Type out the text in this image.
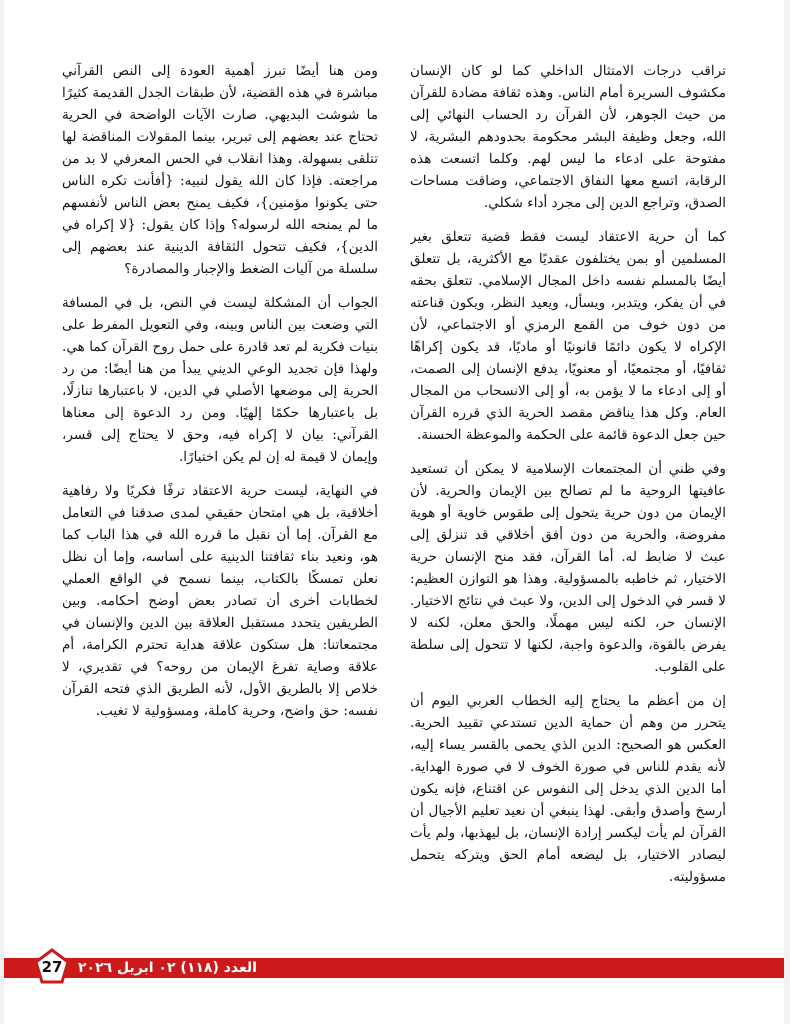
تراقب درجات الامتثال الداخلي كما لو كان الإنسان مكشوف السريرة أمام الناس. وهذه ثقافة مضادة للقرآن من حيث الجوهر، لأن القرآن رد الحساب النهائي إلى الله، وجعل وظيفة البشر محكومة بحدودهم البشرية، لا مفتوحة على ادعاء ما ليس لهم. وكلما اتسعت هذه الرقابة، اتسع معها النفاق الاجتماعي، وضاقت مساحات الصدق، وتراجع الدين إلى مجرد أداء شكلي.

كما أن حرية الاعتقاد ليست فقط قضية تتعلق بغير المسلمين أو بمن يختلفون عقديًا مع الأكثرية، بل تتعلق أيضًا بالمسلم نفسه داخل المجال الإسلامي. تتعلق بحقه في أن يفكر، ويتدبر، ويسأل، ويعيد النظر، ويكون قناعته من دون خوف من القمع الرمزي أو الاجتماعي، لأن الإكراه لا يكون دائمًا قانونيًا أو ماديًا، قد يكون إكراهًا ثقافيًا، أو مجتمعيًا، أو معنويًا، يدفع الإنسان إلى الصمت، أو إلى ادعاء ما لا يؤمن به، أو إلى الانسحاب من المجال العام. وكل هذا يناقض مقصد الحرية الذي قرره القرآن حين جعل الدعوة قائمة على الحكمة والموعظة الحسنة.

وفي ظني أن المجتمعات الإسلامية لا يمكن أن تستعيد عافيتها الروحية ما لم تصالح بين الإيمان والحرية. لأن الإيمان من دون حرية يتحول إلى طقوس خاوية أو هوية مفروضة، والحرية من دون أفق أخلاقي قد تنزلق إلى عبث لا ضابط له. أما القرآن، فقد منح الإنسان حرية الاختيار، ثم خاطبه بالمسؤولية. وهذا هو التوازن العظيم: لا قسر في الدخول إلى الدين، ولا عبث في نتائج الاختيار. الإنسان حر، لكنه ليس مهملًا، والحق معلن، لكنه لا يفرض بالقوة، والدعوة واجبة، لكنها لا تتحول إلى سلطة على القلوب.

إن من أعظم ما يحتاج إليه الخطاب العربي اليوم أن يتحرر من وهم أن حماية الدين تستدعي تقييد الحرية. العكس هو الصحيح: الدين الذي يحمى بالقسر يساء إليه، لأنه يقدم للناس في صورة الخوف لا في صورة الهداية. أما الدين الذي يدخل إلى النفوس عن اقتناع، فإنه يكون أرسخ وأصدق وأبقى. لهذا ينبغي أن نعيد تعليم الأجيال أن القرآن لم يأت ليكسر إرادة الإنسان، بل ليهذبها، ولم يأت ليصادر الاختيار، بل ليضعه أمام الحق ويتركه يتحمل مسؤوليته.

ومن هنا أيضًا تبرز أهمية العودة إلى النص القرآني مباشرة في هذه القضية، لأن طبقات الجدل القديمة كثيرًا ما شوشت البديهي. صارت الآيات الواضحة في الحرية تحتاج عند بعضهم إلى تبرير، بينما المقولات المناقضة لها تتلقى بسهولة. وهذا انقلاب في الحس المعرفي لا بد من مراجعته. فإذا كان الله يقول لنبيه: {أفأنت تكره الناس حتى يكونوا مؤمنين}، فكيف يمنح بعض الناس لأنفسهم ما لم يمنحه الله لرسوله؟ وإذا كان يقول: {لا إكراه في الدين}، فكيف تتحول الثقافة الدينية عند بعضهم إلى سلسلة من آليات الضغط والإجبار والمصادرة؟

الجواب أن المشكلة ليست في النص، بل في المسافة التي وضعت بين الناس وبينه، وفي التعويل المفرط على بنيات فكرية لم تعد قادرة على حمل روح القرآن كما هي. ولهذا فإن تجديد الوعي الديني يبدأ من هنا أيضًا: من رد الحرية إلى موضعها الأصلي في الدين، لا باعتبارها تنازلًا، بل باعتبارها حكمًا إلهيًا. ومن رد الدعوة إلى معناها القرآني: بيان لا إكراه فيه، وحق لا يحتاج إلى قسر، وإيمان لا قيمة له إن لم يكن اختيارًا.

في النهاية، ليست حرية الاعتقاد ترفًا فكريًا ولا رفاهية أخلاقية، بل هي امتحان حقيقي لمدى صدقنا في التعامل مع القرآن. إما أن نقبل ما قرره الله في هذا الباب كما هو، ونعيد بناء ثقافتنا الدينية على أساسه، وإما أن نظل نعلن تمسكًا بالكتاب، بينما نسمح في الواقع العملي لخطابات أخرى أن تصادر بعض أوضح أحكامه. وبين الطريقين يتحدد مستقبل العلاقة بين الدين والإنسان في مجتمعاتنا: هل ستكون علاقة هداية تحترم الكرامة، أم علاقة وصاية تفرغ الإيمان من روحه؟ في تقديري، لا خلاص إلا بالطريق الأول، لأنه الطريق الذي فتحه القرآن نفسه: حق واضح، وحرية كاملة، ومسؤولية لا تغيب.

العدد (١١٨) ٠٢ ابريل ٢٠٢٦
27
